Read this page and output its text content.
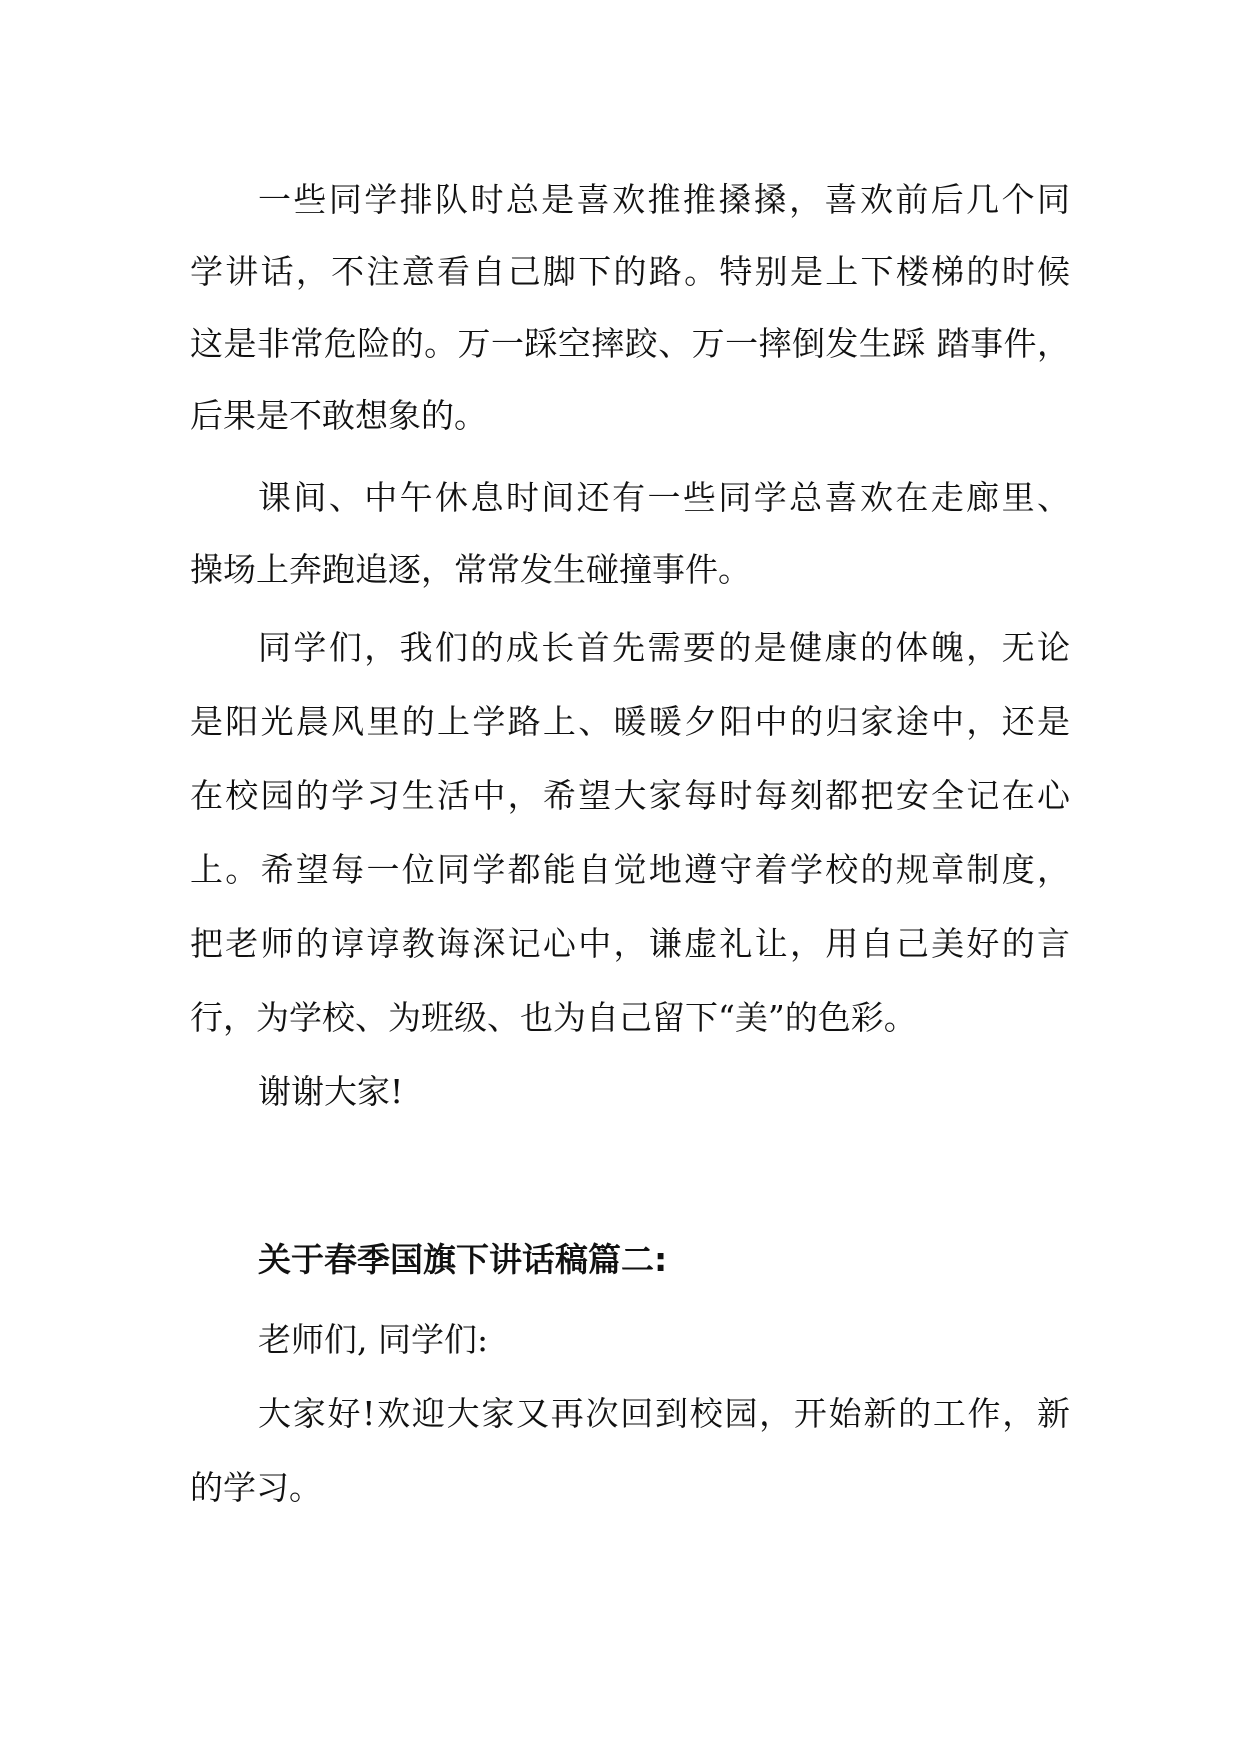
一些同学排队时总是喜欢推推搡搡，喜欢前后几个同
学讲话，不注意看自己脚下的路。特别是上下楼梯的时候
这是非常危险的。万一踩空摔跤、万一摔倒发生踩 踏事件，
后果是不敢想象的。
课间、中午休息时间还有一些同学总喜欢在走廊里、
操场上奔跑追逐，常常发生碰撞事件。
同学们，我们的成长首先需要的是健康的体魄，无论
是阳光晨风里的上学路上、暖暖夕阳中的归家途中，还是
在校园的学习生活中，希望大家每时每刻都把安全记在心
上。希望每一位同学都能自觉地遵守着学校的规章制度，
把老师的谆谆教诲深记心中，谦虚礼让，用自己美好的言
行，为学校、为班级、也为自己留下“美”的色彩。
谢谢大家!
关于春季国旗下讲话稿篇二:
老师们, 同学们:
大家好!欢迎大家又再次回到校园，开始新的工作，新
的学习。
